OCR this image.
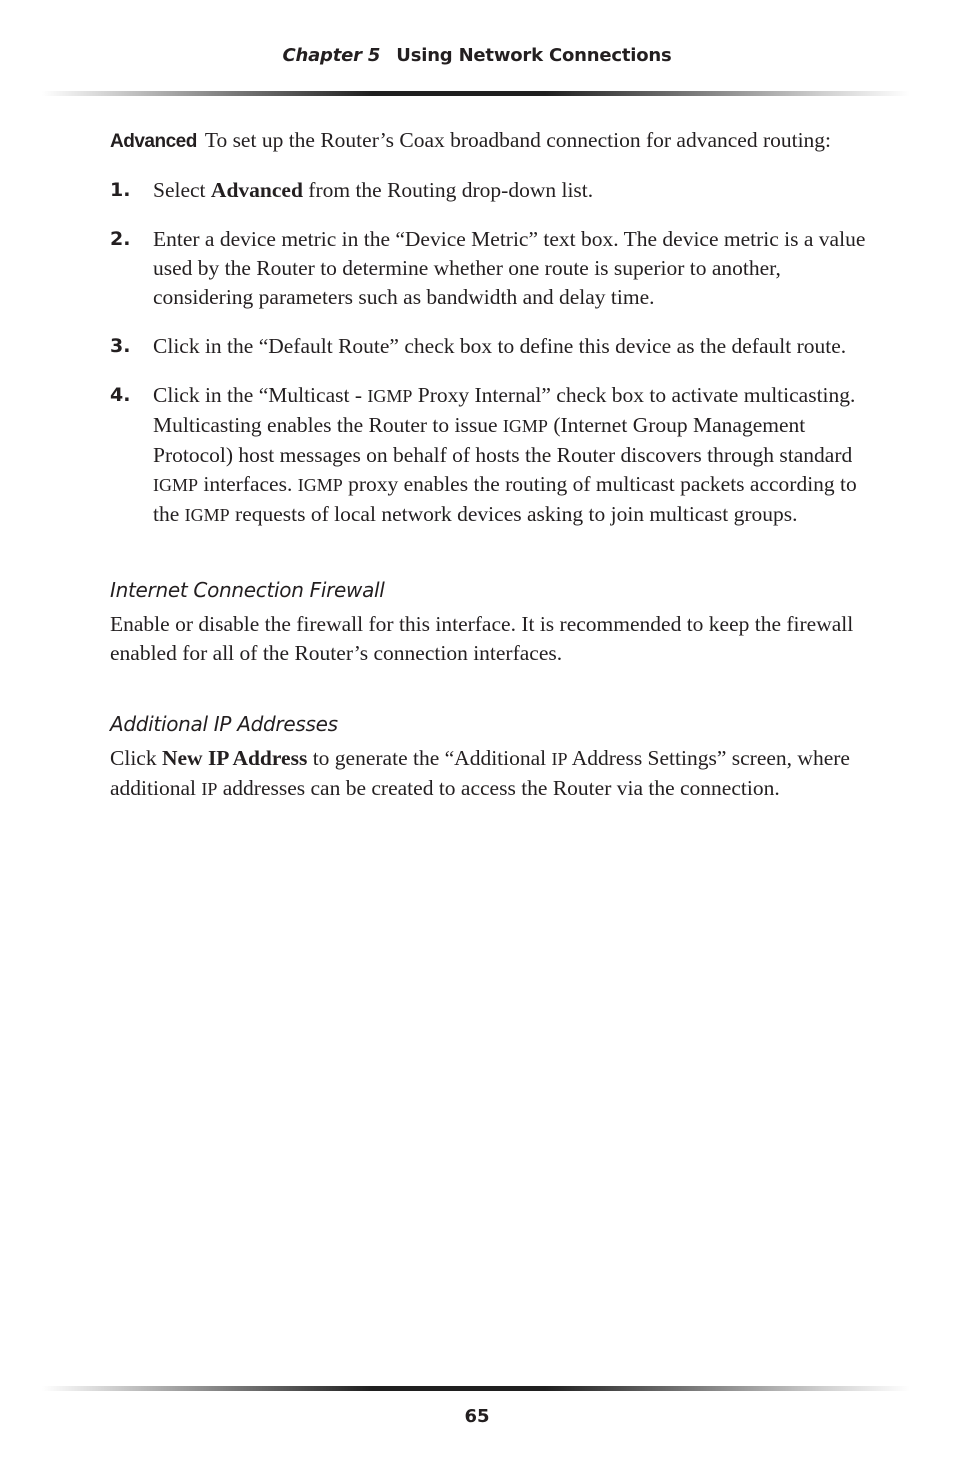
Chapter 5 Using Network Connections

Advanced To set up the Router’s Coax broadband connection for advanced routing:

1. Select Advanced from the Routing drop-down list.
2. Enter a device metric in the “Device Metric” text box. The device metric is a value used by the Router to determine whether one route is superior to another, considering parameters such as bandwidth and delay time.
3. Click in the “Default Route” check box to define this device as the default route.
4. Click in the “Multicast - IGMP Proxy Internal” check box to activate multicasting. Multicasting enables the Router to issue IGMP (Internet Group Management Protocol) host messages on behalf of hosts the Router discovers through standard IGMP interfaces. IGMP proxy enables the routing of multicast packets according to the IGMP requests of local network devices asking to join multicast groups.
Internet Connection Firewall

Enable or disable the firewall for this interface. It is recommended to keep the firewall enabled for all of the Router’s connection interfaces.

Additional IP Addresses

Click New IP Address to generate the “Additional IP Address Settings” screen, where additional IP addresses can be created to access the Router via the connection.

65
